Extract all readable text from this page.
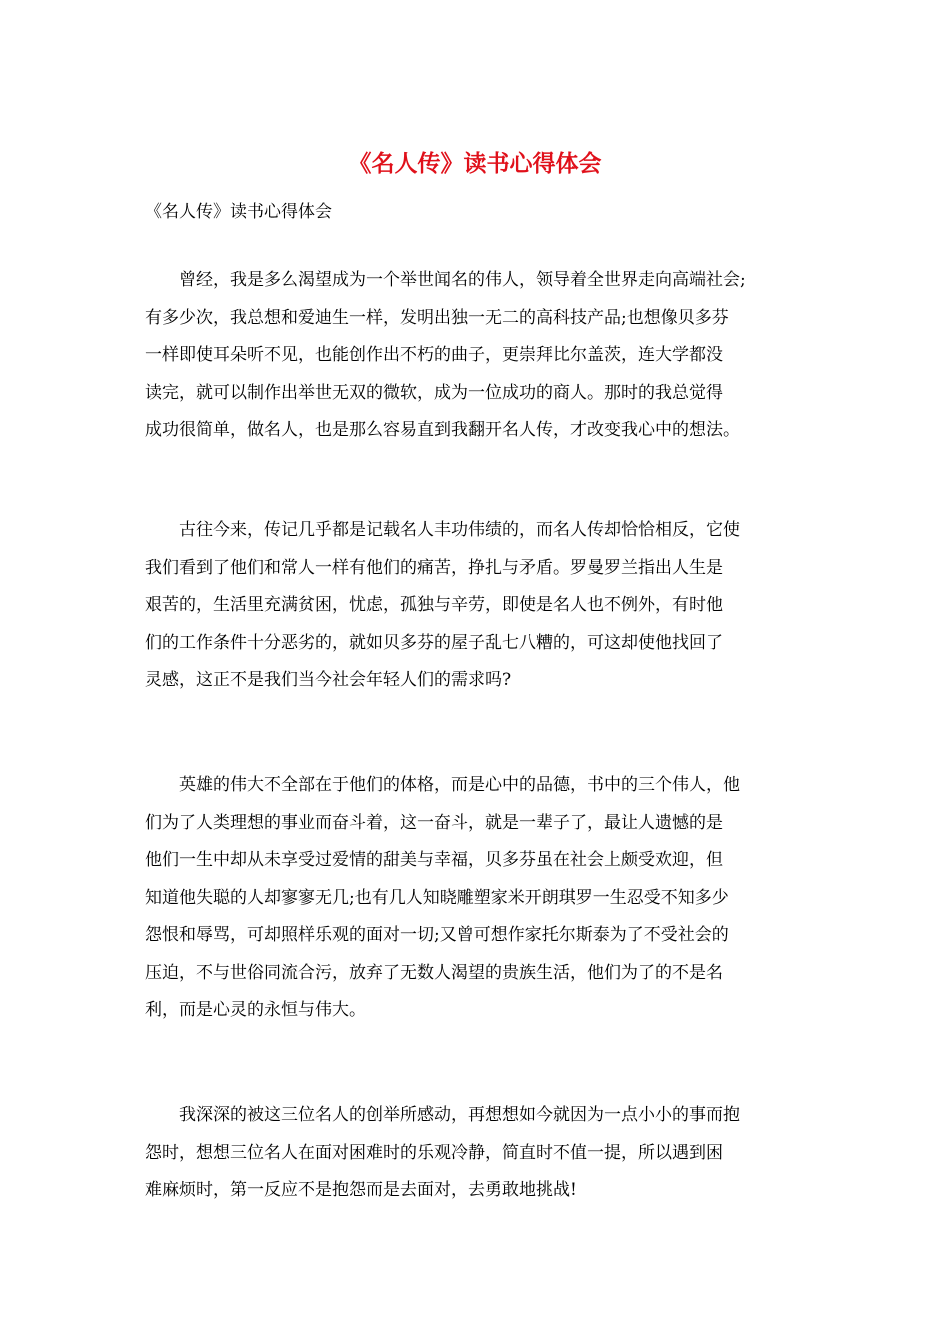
《名人传》读书心得体会

《名人传》读书心得体会

　　曾经，我是多么渴望成为一个举世闻名的伟人，领导着全世界走向高端社会;
有多少次，我总想和爱迪生一样，发明出独一无二的高科技产品;也想像贝多芬
一样即使耳朵听不见，也能创作出不朽的曲子，更崇拜比尔盖茨，连大学都没
读完，就可以制作出举世无双的微软，成为一位成功的商人。那时的我总觉得
成功很简单，做名人，也是那么容易直到我翻开名人传，才改变我心中的想法。
　　古往今来，传记几乎都是记载名人丰功伟绩的，而名人传却恰恰相反，它使
我们看到了他们和常人一样有他们的痛苦，挣扎与矛盾。罗曼罗兰指出人生是
艰苦的，生活里充满贫困，忧虑，孤独与辛劳，即使是名人也不例外，有时他
们的工作条件十分恶劣的，就如贝多芬的屋子乱七八糟的，可这却使他找回了
灵感，这正不是我们当今社会年轻人们的需求吗?
　　英雄的伟大不全部在于他们的体格，而是心中的品德，书中的三个伟人，他
们为了人类理想的事业而奋斗着，这一奋斗，就是一辈子了，最让人遗憾的是
他们一生中却从未享受过爱情的甜美与幸福，贝多芬虽在社会上颇受欢迎，但
知道他失聪的人却寥寥无几;也有几人知晓雕塑家米开朗琪罗一生忍受不知多少
怨恨和辱骂，可却照样乐观的面对一切;又曾可想作家托尔斯泰为了不受社会的
压迫，不与世俗同流合污，放弃了无数人渴望的贵族生活，他们为了的不是名
利，而是心灵的永恒与伟大。
　　我深深的被这三位名人的创举所感动，再想想如今就因为一点小小的事而抱
怨时，想想三位名人在面对困难时的乐观冷静，简直时不值一提，所以遇到困
难麻烦时，第一反应不是抱怨而是去面对，去勇敢地挑战!
